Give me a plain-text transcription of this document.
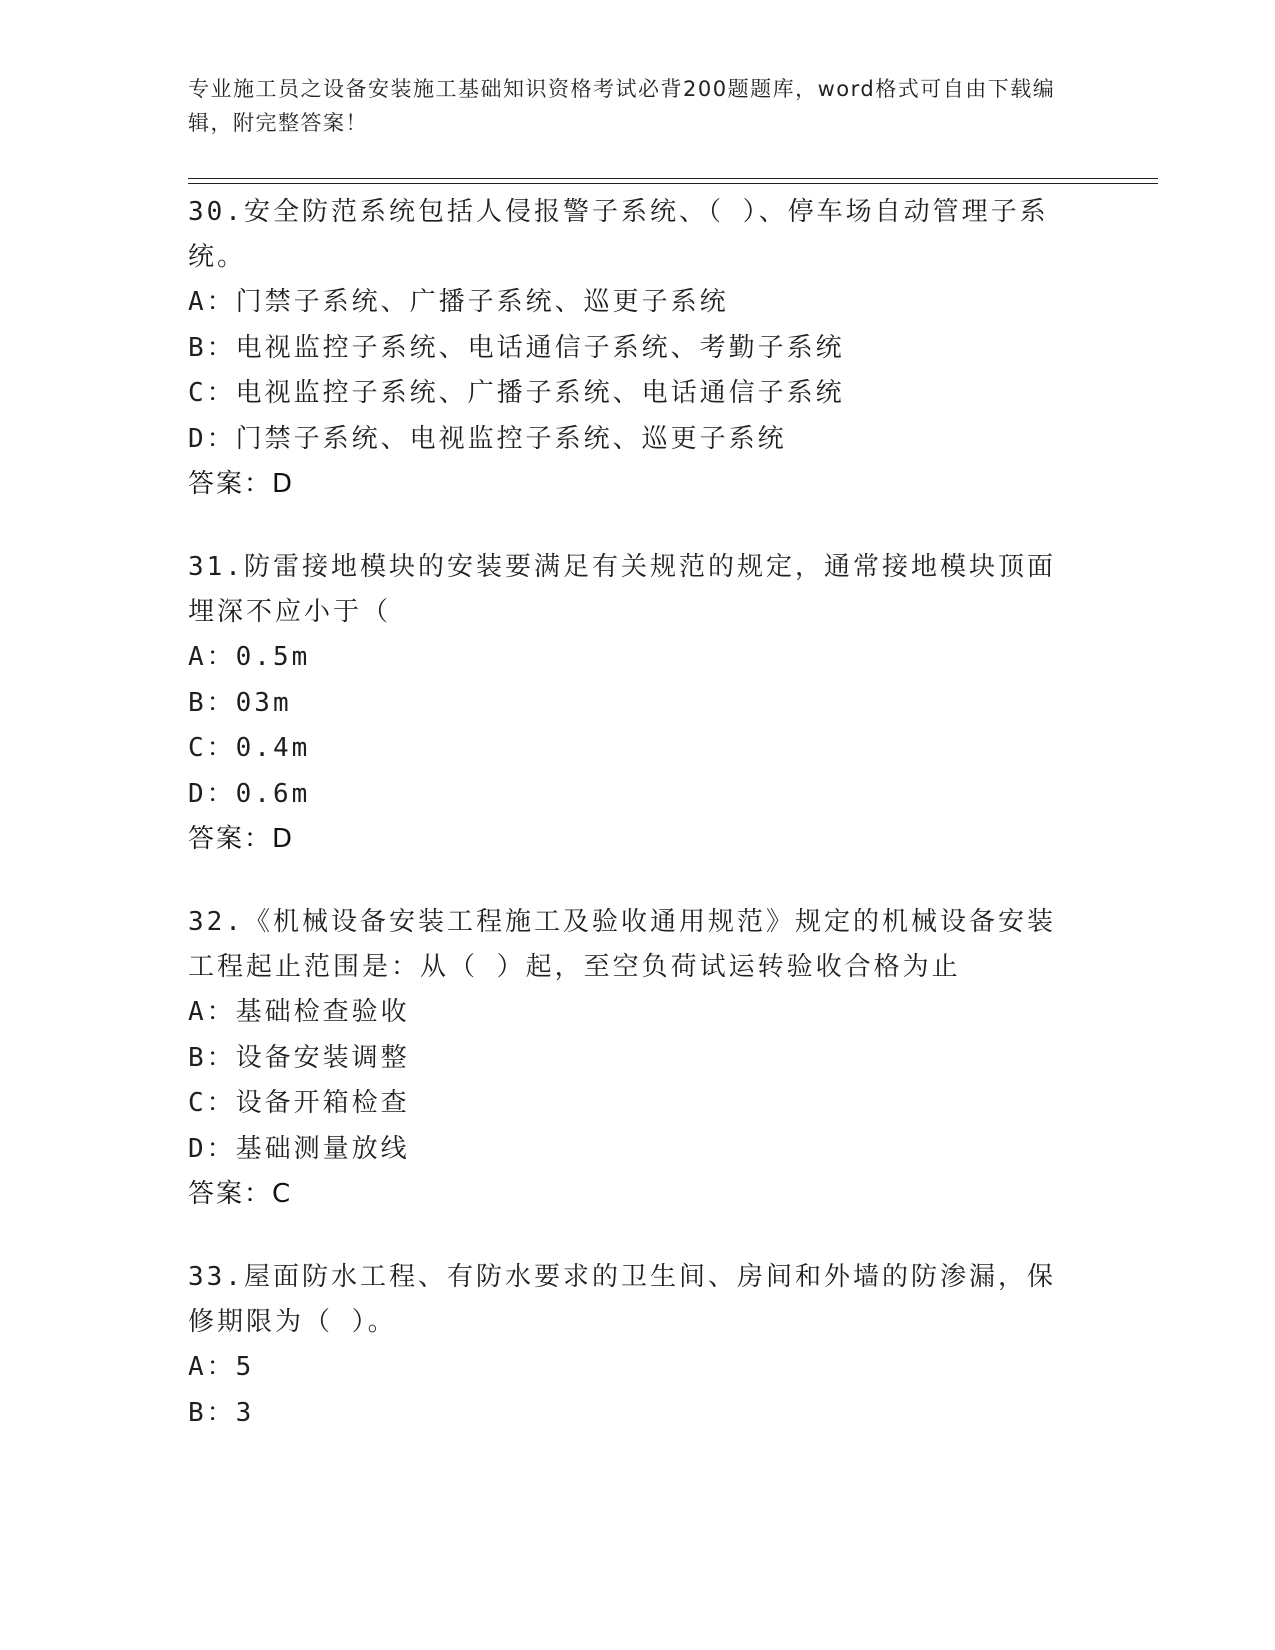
专业施工员之设备安装施工基础知识资格考试必背200题题库，word格式可自由下载编辑，附完整答案！
30.安全防范系统包括人侵报警子系统、（ ）、停车场自动管理子系统。
A：门禁子系统、广播子系统、巡更子系统
B：电视监控子系统、电话通信子系统、考勤子系统
C：电视监控子系统、广播子系统、电话通信子系统
D：门禁子系统、电视监控子系统、巡更子系统
答案：D
31.防雷接地模块的安装要满足有关规范的规定，通常接地模块顶面埋深不应小于（
A：0.5m
B：03m
C：0.4m
D：0.6m
答案：D
32.《机械设备安装工程施工及验收通用规范》规定的机械设备安装工程起止范围是：从（ ）起，至空负荷试运转验收合格为止
A：基础检查验收
B：设备安装调整
C：设备开箱检查
D：基础测量放线
答案：C
33.屋面防水工程、有防水要求的卫生间、房间和外墙的防渗漏，保修期限为（ ）。
A：5
B：3
